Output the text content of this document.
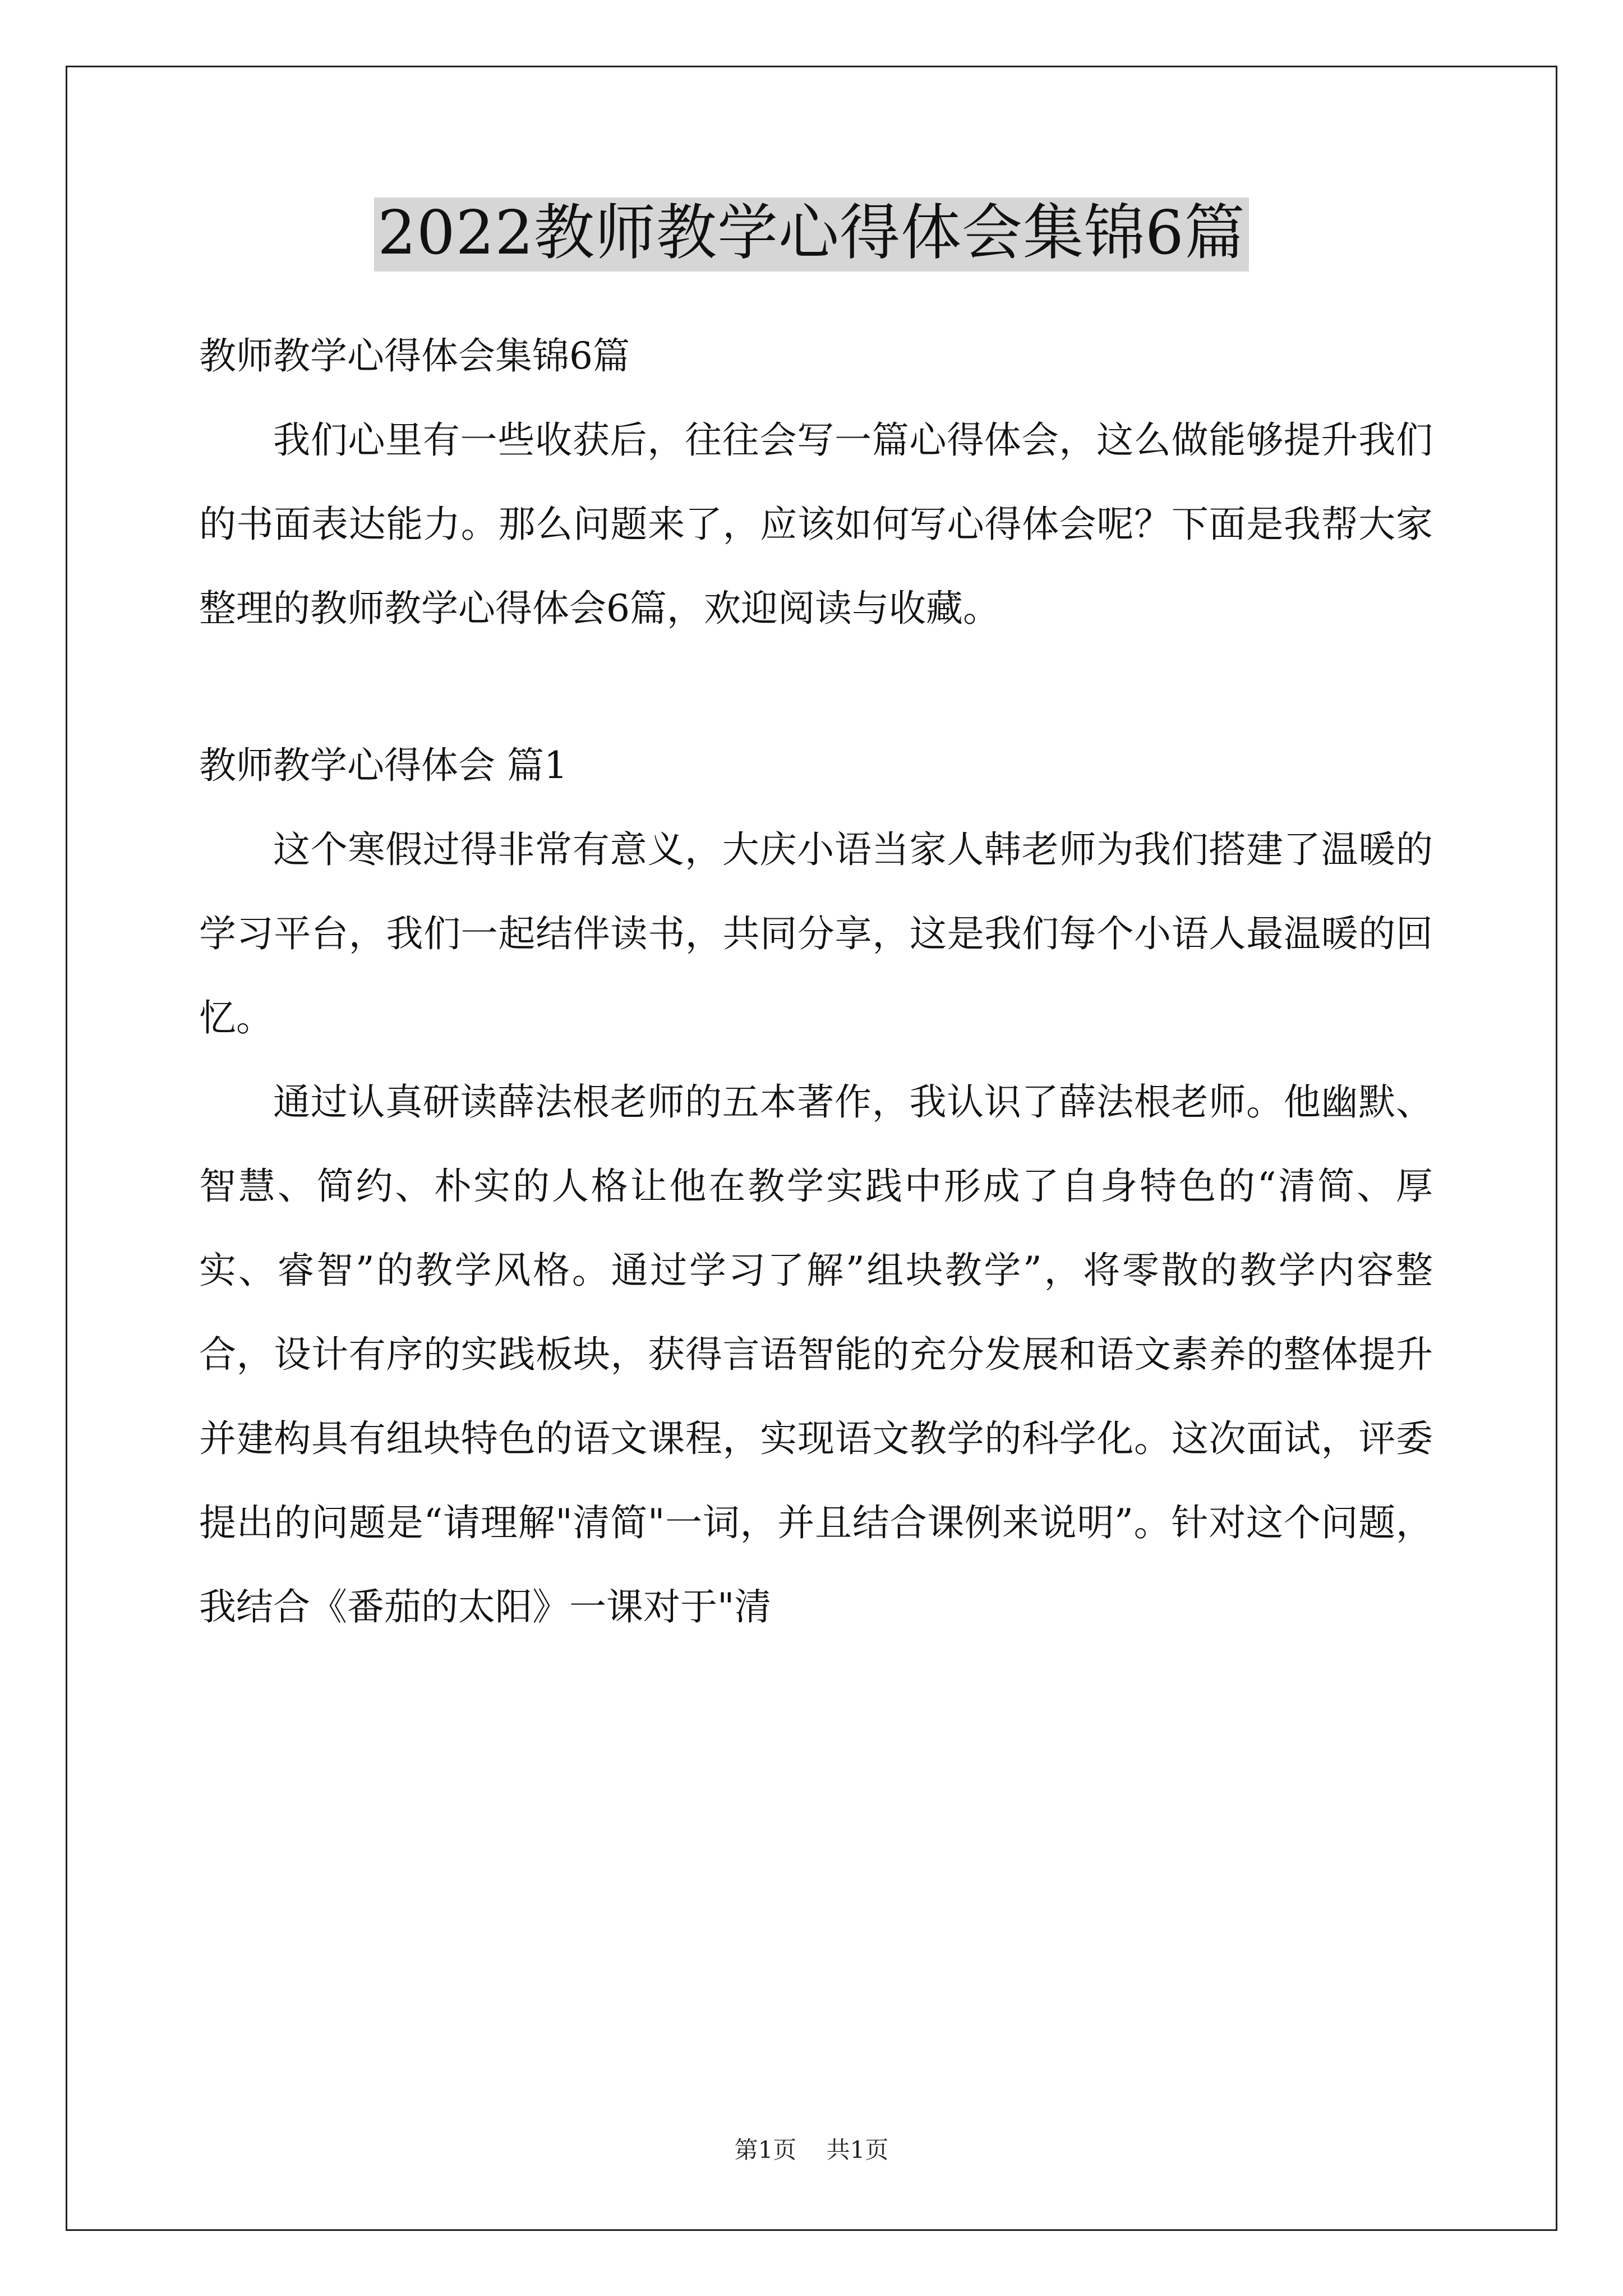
2022教师教学心得体会集锦6篇

教师教学心得体会集锦6篇

我们心里有一些收获后，往往会写一篇心得体会，这么做能够提升我们的书面表达能力。那么问题来了，应该如何写心得体会呢？下面是我帮大家整理的教师教学心得体会6篇，欢迎阅读与收藏。

教师教学心得体会 篇1

这个寒假过得非常有意义，大庆小语当家人韩老师为我们搭建了温暖的学习平台，我们一起结伴读书，共同分享，这是我们每个小语人最温暖的回忆。

通过认真研读薛法根老师的五本著作，我认识了薛法根老师。他幽默、智慧、简约、朴实的人格让他在教学实践中形成了自身特色的“清简、厚实、睿智”的教学风格。通过学习了解”组块教学”，将零散的教学内容整合，设计有序的实践板块，获得言语智能的充分发展和语文素养的整体提升并建构具有组块特色的语文课程，实现语文教学的科学化。这次面试，评委提出的问题是“请理解"清简"一词，并且结合课例来说明”。针对这个问题，我结合《番茄的太阳》一课对于"清

第1页 共1页
